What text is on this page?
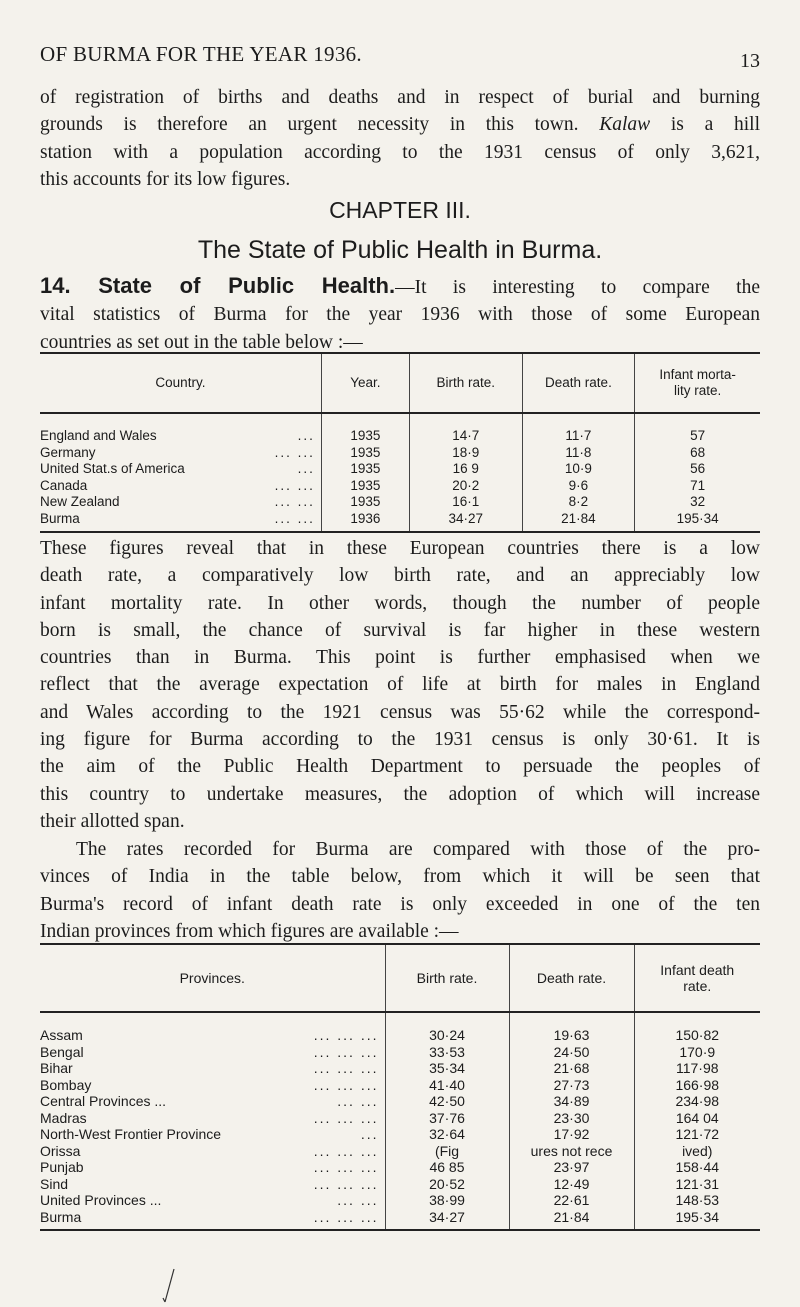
OF BURMA FOR THE YEAR 1936.	13

of registration of births and deaths and in respect of burial and burning
grounds is therefore an urgent necessity in this town. Kalaw is a hill
station with a population according to the 1931 census of only 3,621,
this accounts for its low figures.

CHAPTER III.
The State of Public Health in Burma.

14. State of Public Health.—It is interesting to compare the
vital statistics of Burma for the year 1936 with those of some European
countries as set out in the table below :—

Country.	Year.	Birth rate.	Death rate.	Infant morta-
lity rate.
England and Wales ...	1935	14·7	11·7	57
Germany ... ...	1935	18·9	11·8	68
United Stat.s of America ...	1935	16 9	10·9	56
Canada ... ...	1935	20·2	9·6	71
New Zealand ... ...	1935	16·1	8·2	32
Burma ... ...	1936	34·27	21·84	195·34

These figures reveal that in these European countries there is a low
death rate, a comparatively low birth rate, and an appreciably low
infant mortality rate. In other words, though the number of people
born is small, the chance of survival is far higher in these western
countries than in Burma. This point is further emphasised when we
reflect that the average expectation of life at birth for males in England
and Wales according to the 1921 census was 55·62 while the correspond-
ing figure for Burma according to the 1931 census is only 30·61. It is
the aim of the Public Health Department to persuade the peoples of
this country to undertake measures, the adoption of which will increase
their allotted span.

The rates recorded for Burma are compared with those of the pro-
vinces of India in the table below, from which it will be seen that
Burma's record of infant death rate is only exceeded in one of the ten
Indian provinces from which figures are available :—

Provinces.	Birth rate.	Death rate.	Infant death
rate.
Assam ... ... ...	30·24	19·63	150·82
Bengal ... ... ...	33·53	24·50	170·9
Bihar ... ... ...	35·34	21·68	117·98
Bombay ... ... ...	41·40	27·73	166·98
Central Provinces ... ... ...	42·50	34·89	234·98
Madras ... ... ...	37·76	23·30	164 04
North-West Frontier Province ...	32·64	17·92	121·72
Orissa ... ... ...	(Fig	ures not rece	ived)
Punjab ... ... ...	46 85	23·97	158·44
Sind ... ... ...	20·52	12·49	121·31
United Provinces ... ... ...	38·99	22·61	148·53
Burma ... ... ...	34·27	21·84	195·34
